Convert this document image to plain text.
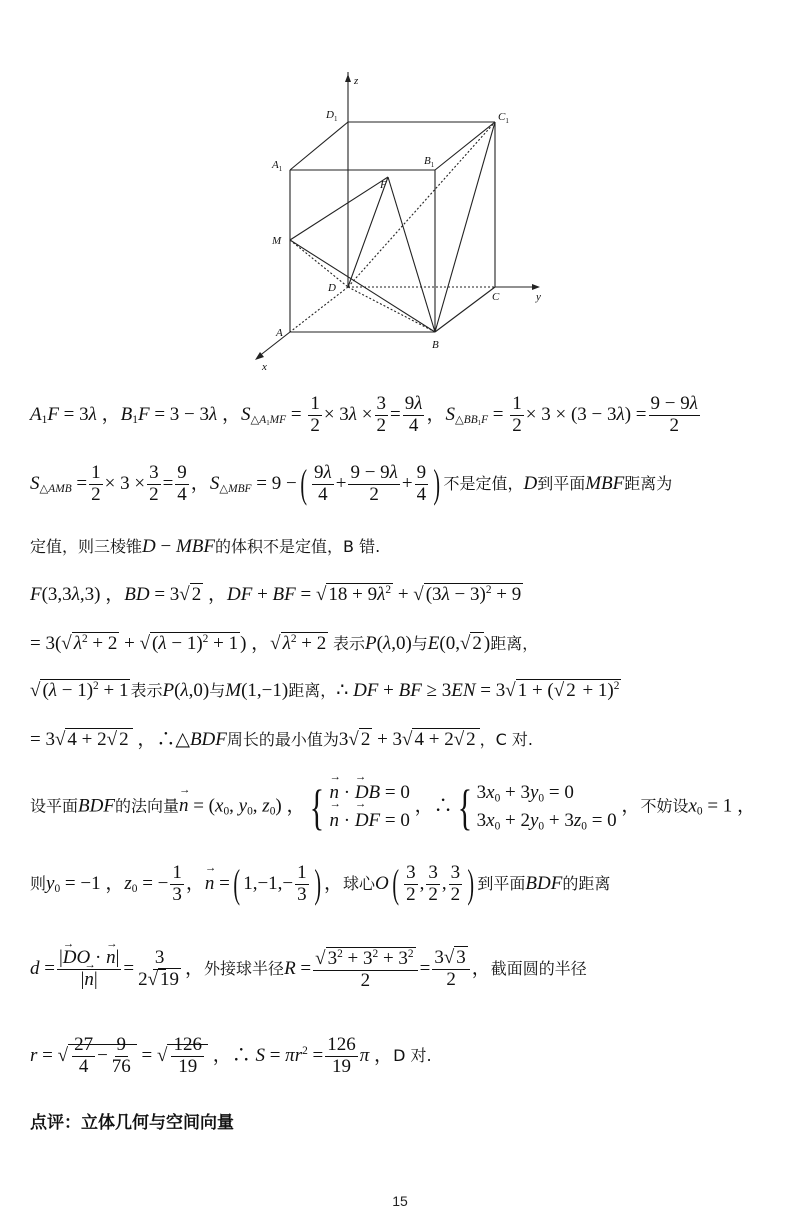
z
y
x
$D_1$	$C_1$
$A_1$
$B_1$
F
M
D
C
A
B
$A_1F = 3\lambda$ ，$B_1F = 3 - 3\lambda$ ，$S_{\triangle A_1MF} = \frac{1}{2} \times 3\lambda \times \frac{3}{2} = \frac{9\lambda}{4}$ ，$S_{\triangle BB_1F} = \frac{1}{2} \times 3 \times (3 - 3\lambda) = \frac{9 - 9\lambda}{2}$
$S_{\triangle AMB} = \frac{1}{2} \times 3 \times \frac{3}{2} = \frac{9}{4}$ ，$S_{\triangle MBF} = 9$ −( $\frac{9\lambda}{4} + \frac{9 - 9\lambda}{2} + \frac{9}{4}$ ) 不是定值，D到平面MBF距离为
定值，则三棱锥D − MBF的体积不是定值，B 错.
F(3,3λ,3) ，BD = 3√ 2 ，DF + BF = √ $18 + 9\lambda^2$ + √ $(3\lambda - 3)^2 + 9$
= 3(√ $\lambda^2 + 2$ + √ $(\lambda - 1)^2 + 1$ ) ，√ $\lambda^2 + 2$ 表示P(λ,0)与E(0,√ 2 )距离，
√ $(\lambda - 1)^2 + 1$ 表示P(λ,0)与M(1,−1)距离，∴ DF + BF ≥ 3EN = 3√ 1 + (√ 2 + 1)$^2$
= 3√ 4 + 2√ 2 ，∴△BDF周长的最小值为3√ 2 + 3√ 4 + 2√ 2 ，C 对.
设平面BDF的法向量→ $n = (x_0$, $y_0$, $z_0$) ，{
→ n · → DB = 0
→ n · → DF = 0
，∴{ $3x_0 + 3y_0 = 0$
$3x_0 + 2y_0 + 3z_0 = 0$
，不妨设$x_0 = 1$ ，
则$y_0 = -1$ ，$z_0$ = − $\frac{1}{3}$ ，→ n =( $1,-1,- \frac{1}{3}$ ) ，球心$O( \frac{3}{2}$ , $\frac{3}{2}$ , $\frac{3}{2}$ ) 到平面BDF的距离
$d = \frac{|\to DO \cdot \to n|}{|\to n|} = \frac{3}{2√ 19}$ ，外接球半径$R = \frac{√ 3^2 + 3^2 + 3^2}{2} = \frac{3√ 3}{2}$ ，截面圆的半径
r = √ $\frac{27}{4} - \frac{9}{76}$ = √ $\frac{126}{19}$ ，∴ $S = \pi r^2 = \frac{126}{19}$ π ，D 对.
点评：立体几何与空间向量
15
